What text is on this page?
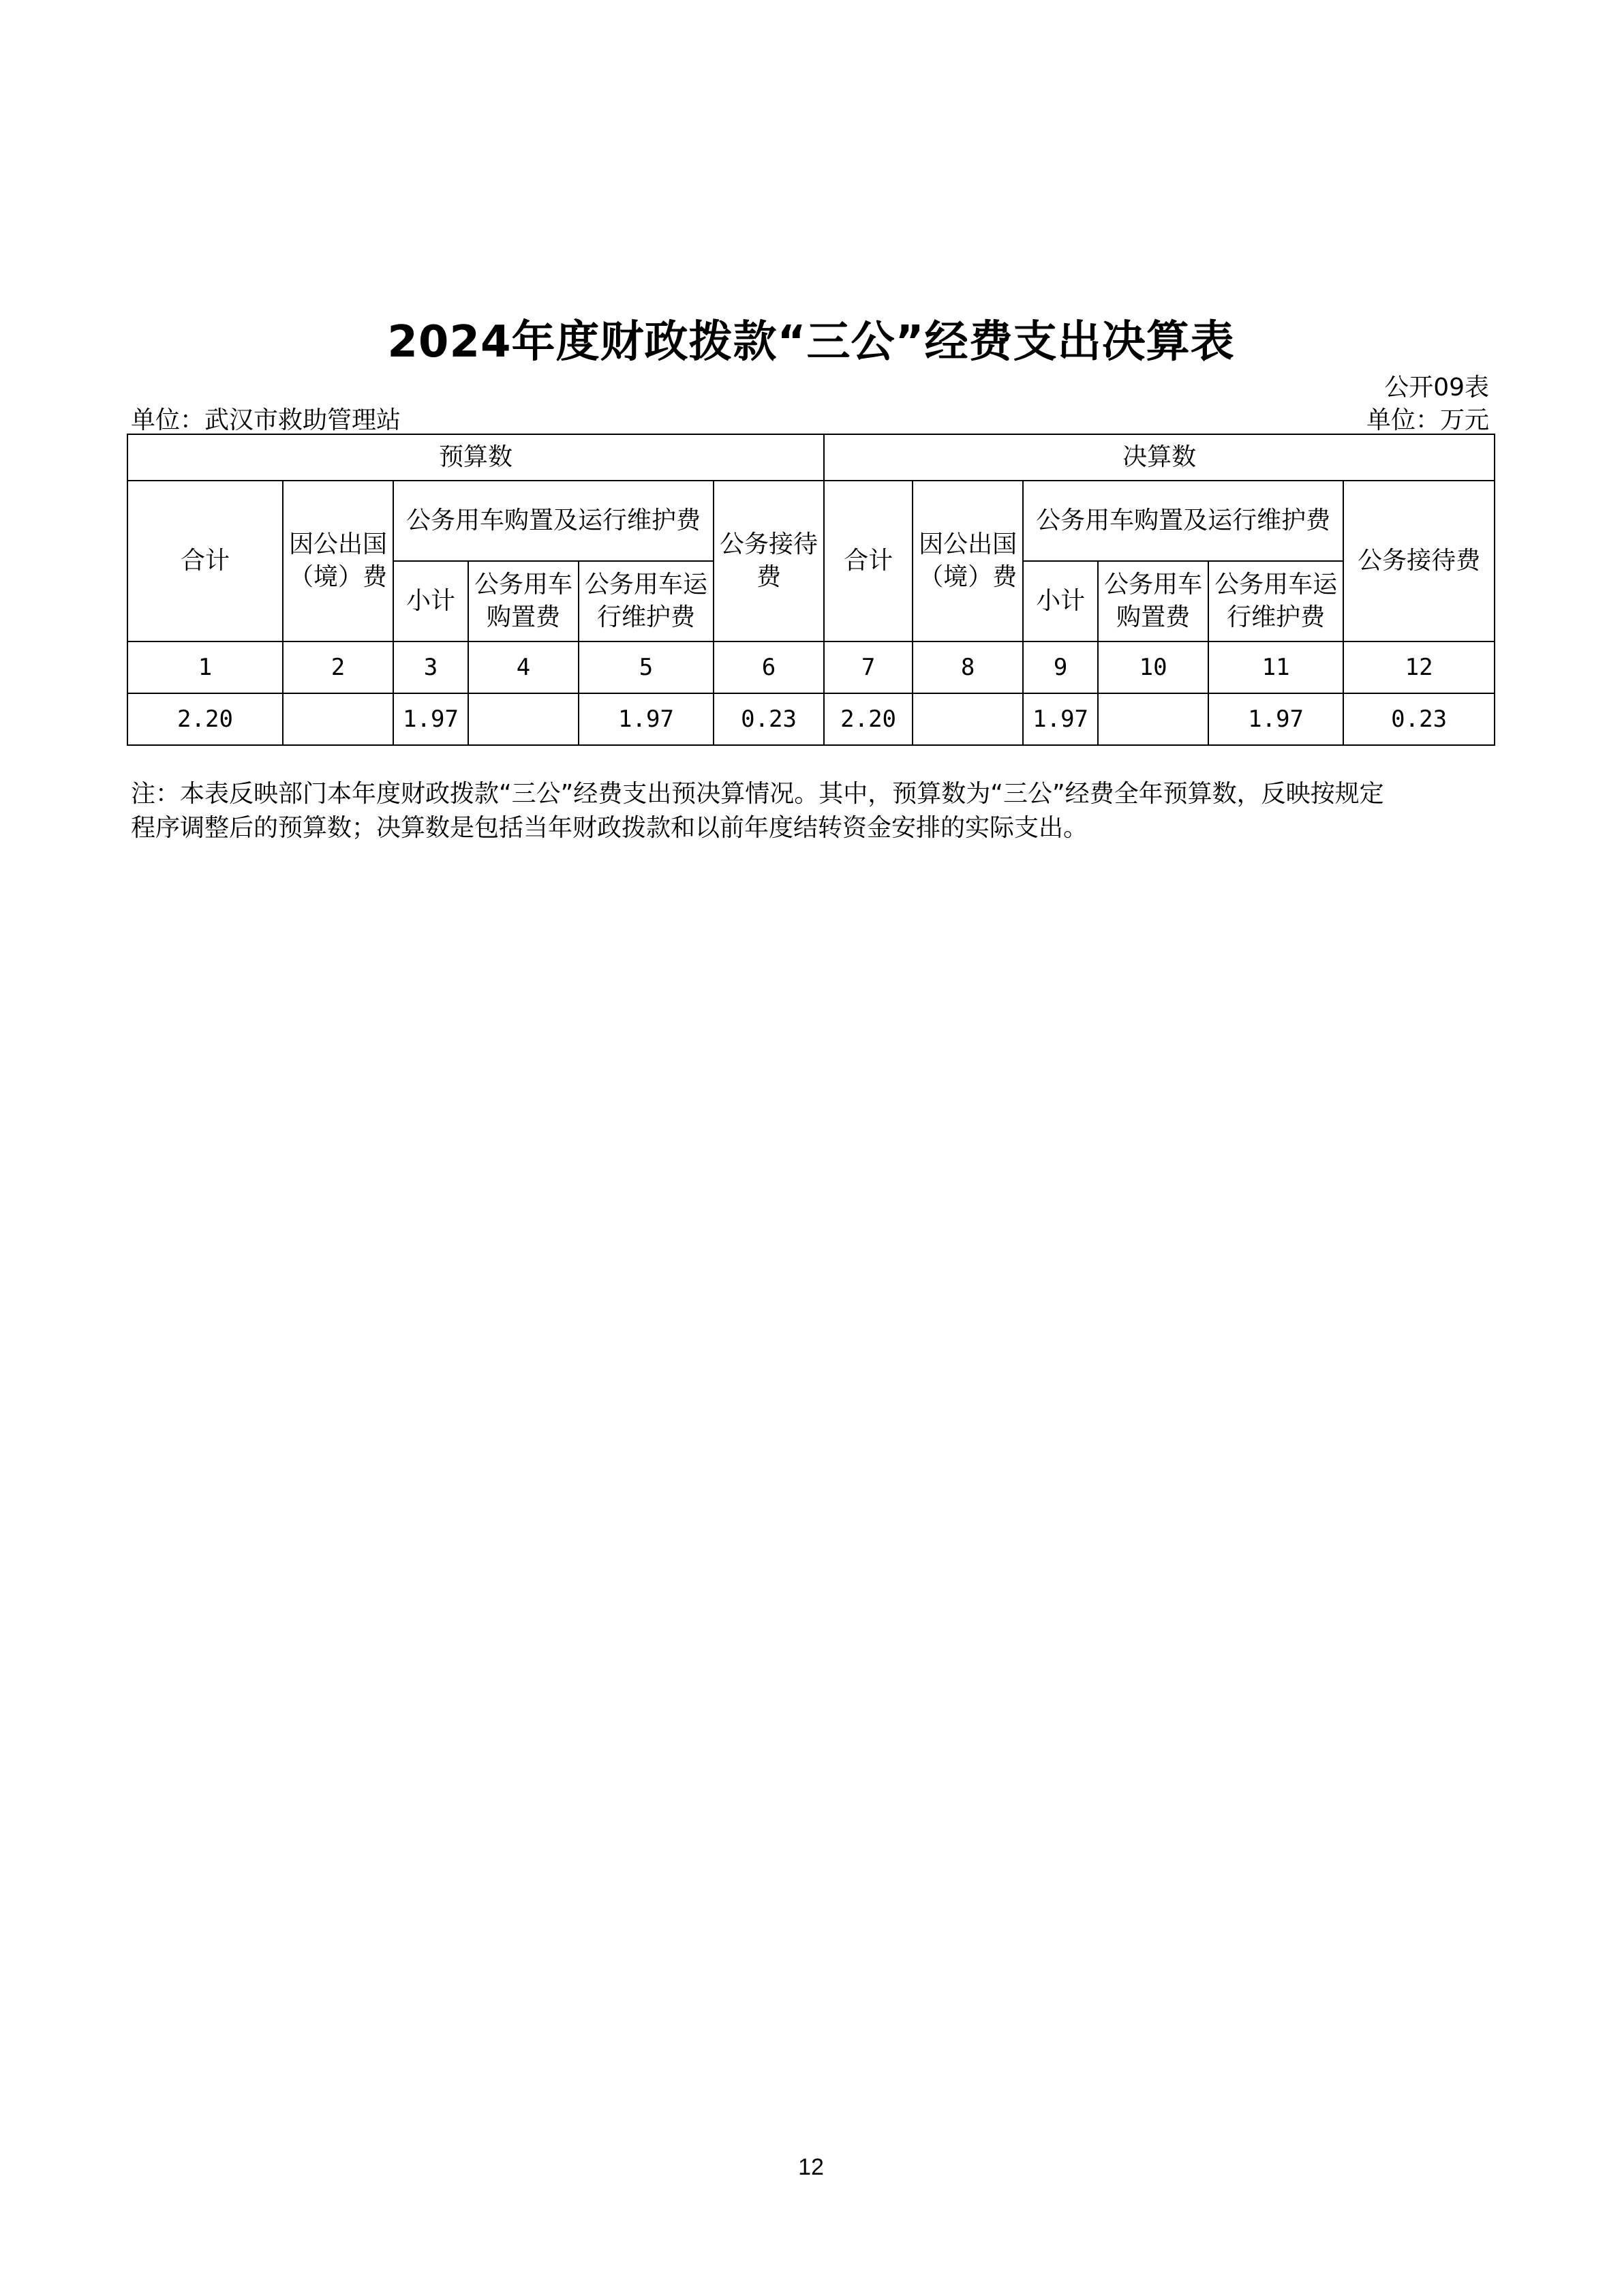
2024年度财政拨款“三公”经费支出决算表
公开09表
单位：武汉市救助管理站	单位：万元
预算数						决算数					
合计	因公出国（境）费	公务用车购置及运行维护费			公务接待费	合计	因公出国（境）费	公务用车购置及运行维护费			公务接待费
		小计	公务用车购置费	公务用车运行维护费				小计	公务用车购置费	公务用车运行维护费	
1	2	3	4	5	6	7	8	9	10	11	12
2.20		1.97		1.97	0.23	2.20		1.97		1.97	0.23
注：本表反映部门本年度财政拨款“三公”经费支出预决算情况。其中，预算数为“三公”经费全年预算数，反映按规定
程序调整后的预算数；决算数是包括当年财政拨款和以前年度结转资金安排的实际支出。
12
